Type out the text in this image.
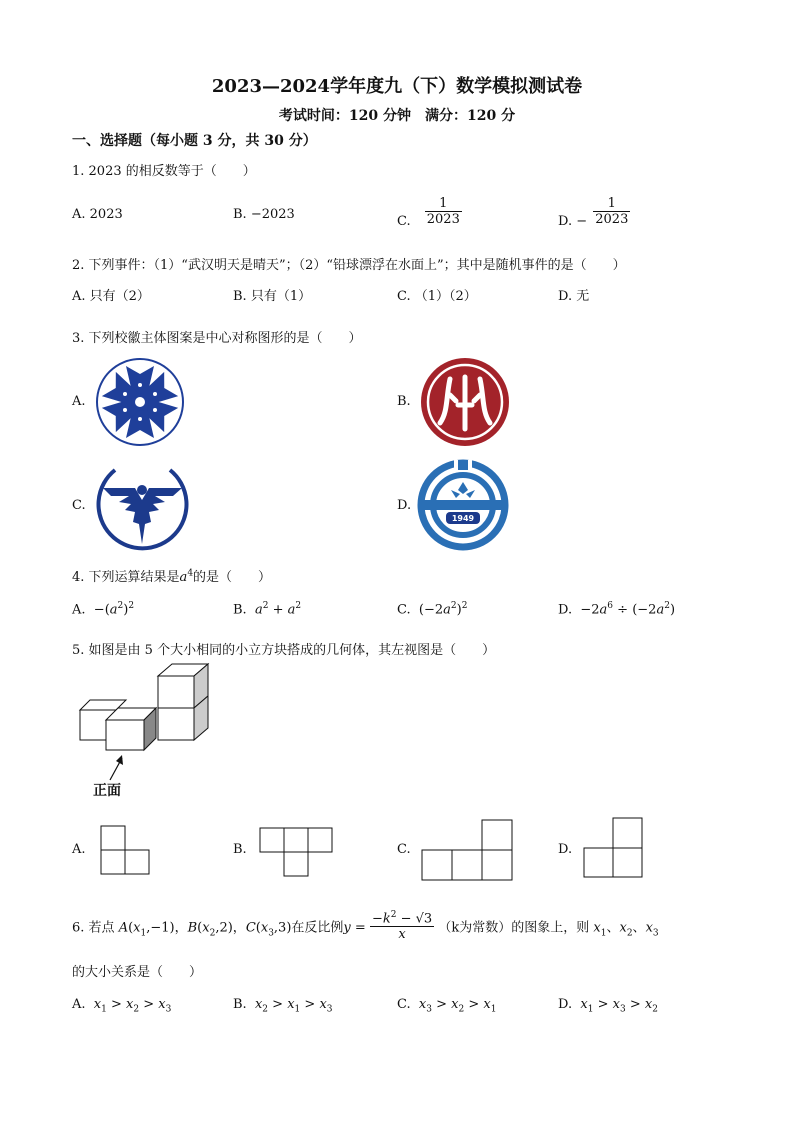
2023—2024学年度九（下）数学模拟测试卷
考试时间：120 分钟　满分：120 分
一、选择题（每小题 3 分，共 30 分）
1. 2023 的相反数等于（　　）
A. 2023	B. −2023	C. $\frac{1}{2023}$	D. − $\frac{1}{2023}$
2. 下列事件：（1）“武汉明天是晴天”；（2）“铅球漂浮在水面上”；其中是随机事件的是（　　）
A. 只有（2）	B. 只有（1）	C. （1）（2）	D. 无
3. 下列校徽主体图案是中心对称图形的是（　　）
A.	B.
C.	D.
1949
4. 下列运算结果是$a^4$的是（　　）
A.  $-(a^2)^2$	B. $a^2 + a^2$	C.  $(-2a^2)^2$	D.  $-2a^6 \div (-2a^2)$
5. 如图是由 5 个大小相同的小立方块搭成的几何体，其左视图是（　　）
正面
A.	B.	C.	D.
6. 若点 $A(x_1,-1)$，$B(x_2,2)$，$C(x_3,3)$在反比例$y = \frac{-k^2 - √3}{x} (k$为常数）的图象上，则 $x_1$、$x_2$、$x_3$
的大小关系是（　　）
A. $x_1 > x_2 > x_3$	B. $x_2 > x_1 > x_3$	C. $x_3 > x_2 > x_1$	D. $x_1 > x_3 > x_2$
